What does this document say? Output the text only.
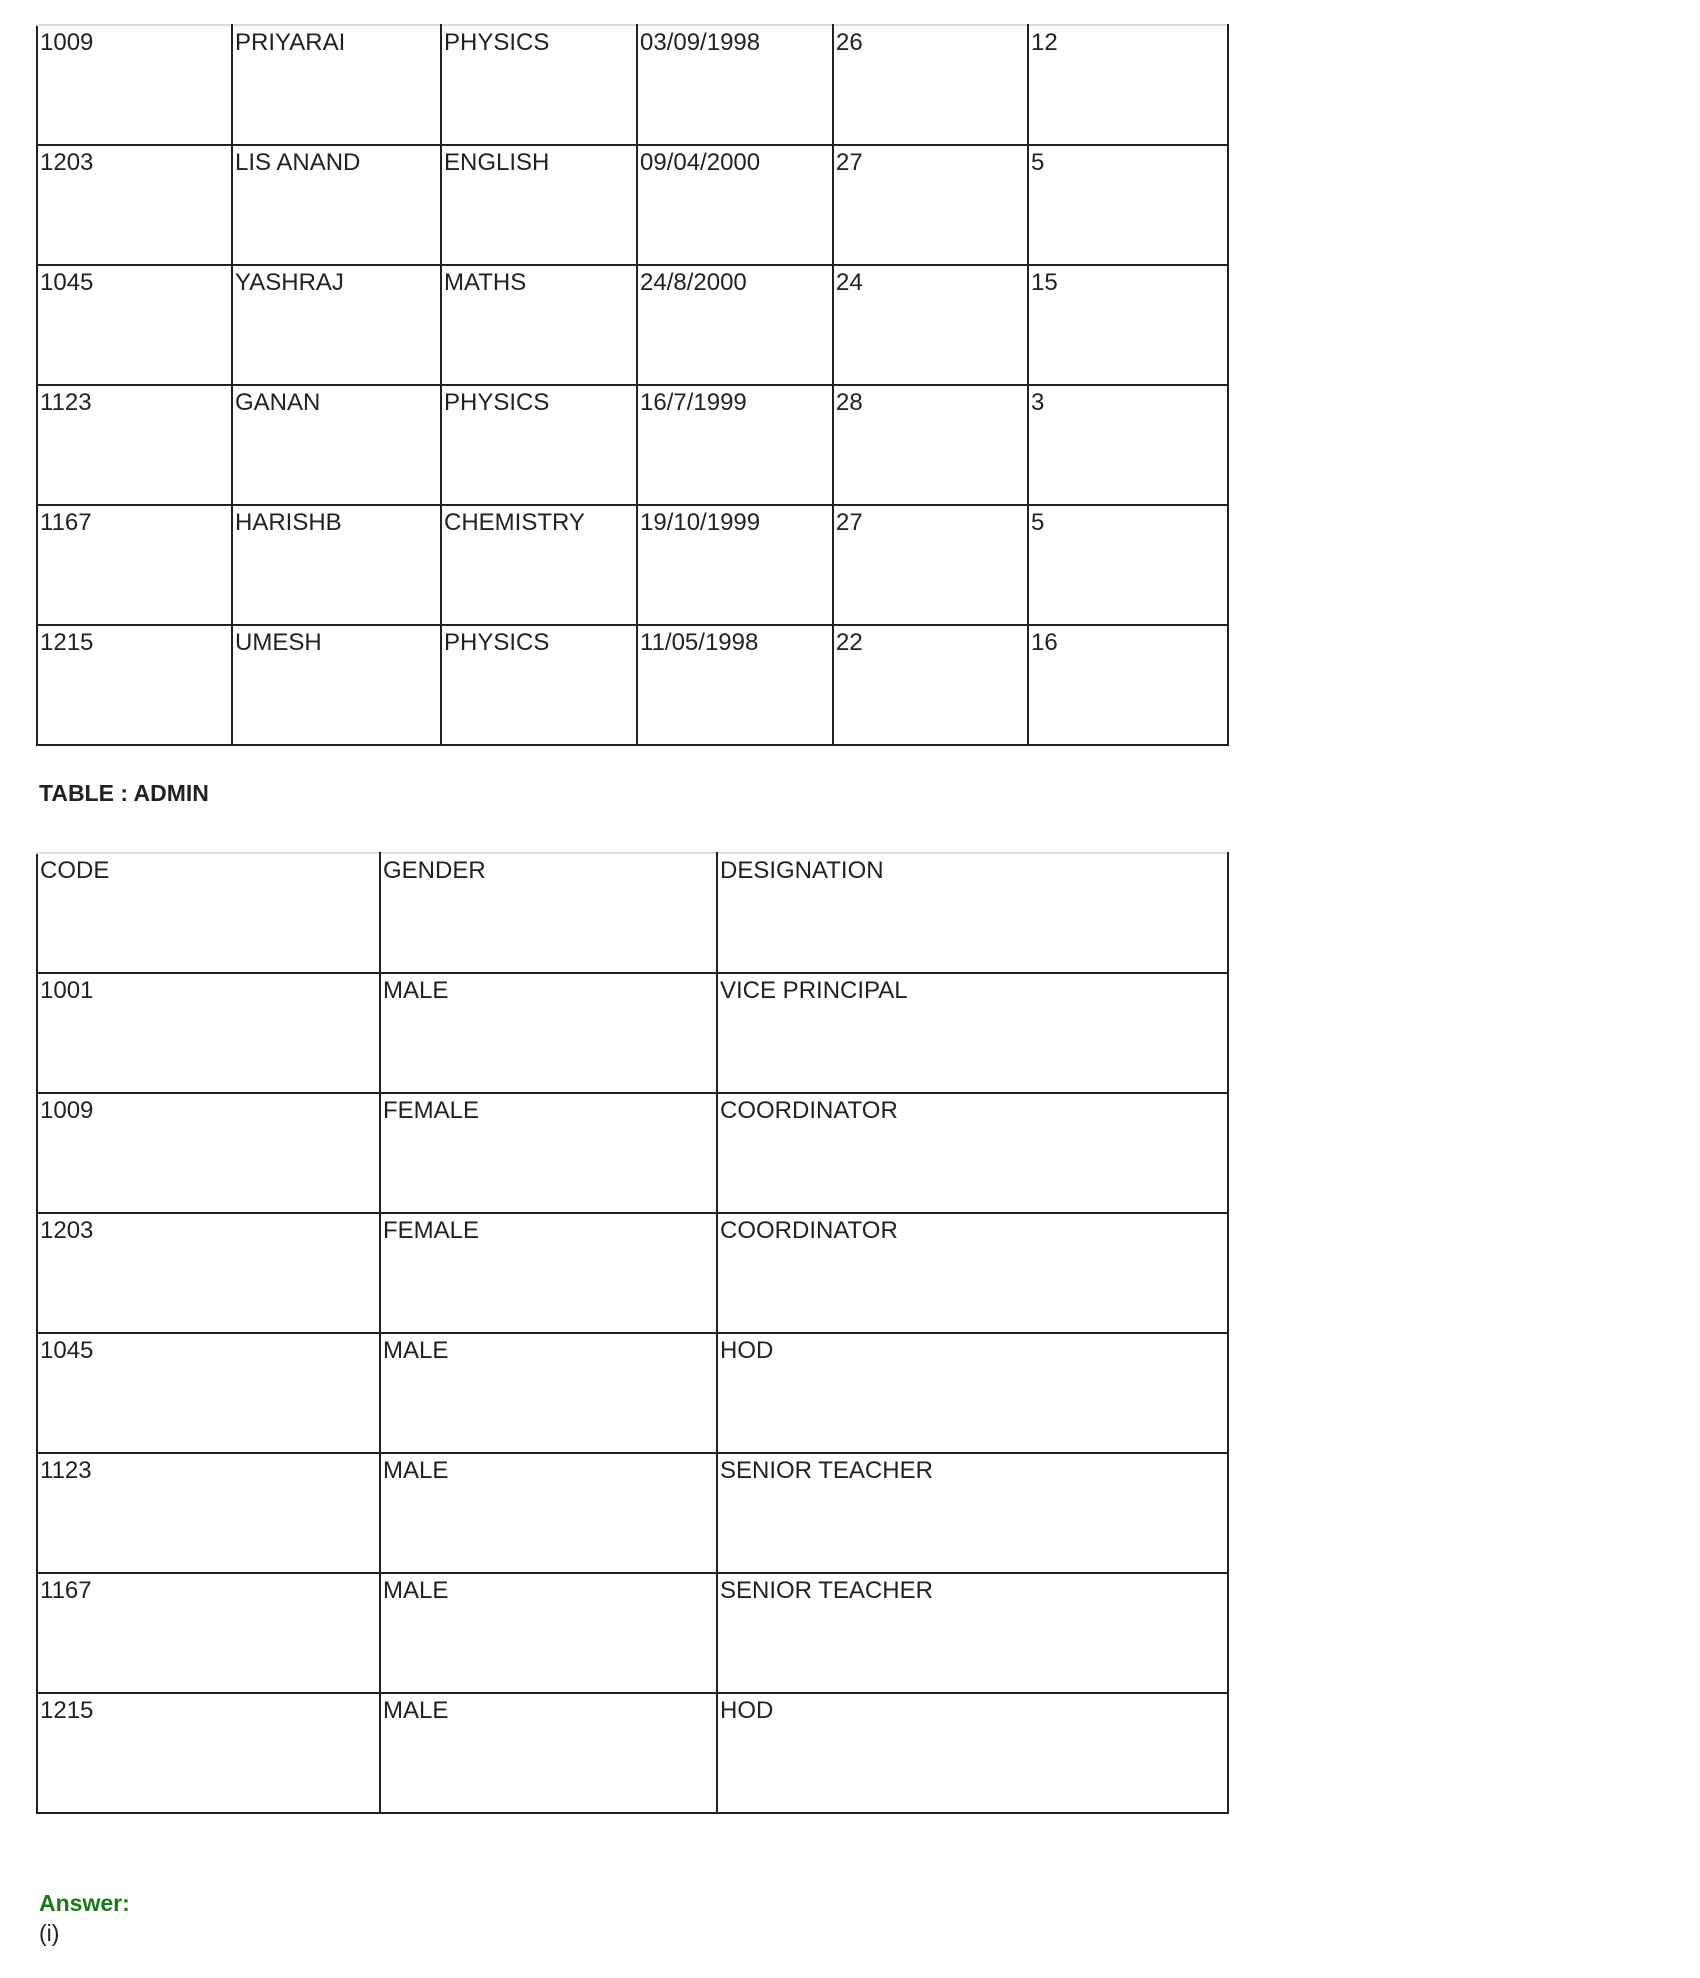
1009	PRIYARAI	PHYSICS	03/09/1998	26	12
1203	LIS ANAND	ENGLISH	09/04/2000	27	5
1045	YASHRAJ	MATHS	24/8/2000	24	15
1123	GANAN	PHYSICS	16/7/1999	28	3
1167	HARISHB	CHEMISTRY	19/10/1999	27	5
1215	UMESH	PHYSICS	11/05/1998	22	16
TABLE : ADMIN
CODE	GENDER	DESIGNATION
1001	MALE	VICE PRINCIPAL
1009	FEMALE	COORDINATOR
1203	FEMALE	COORDINATOR
1045	MALE	HOD
1123	MALE	SENIOR TEACHER
1167	MALE	SENIOR TEACHER
1215	MALE	HOD
Answer:
(i)
